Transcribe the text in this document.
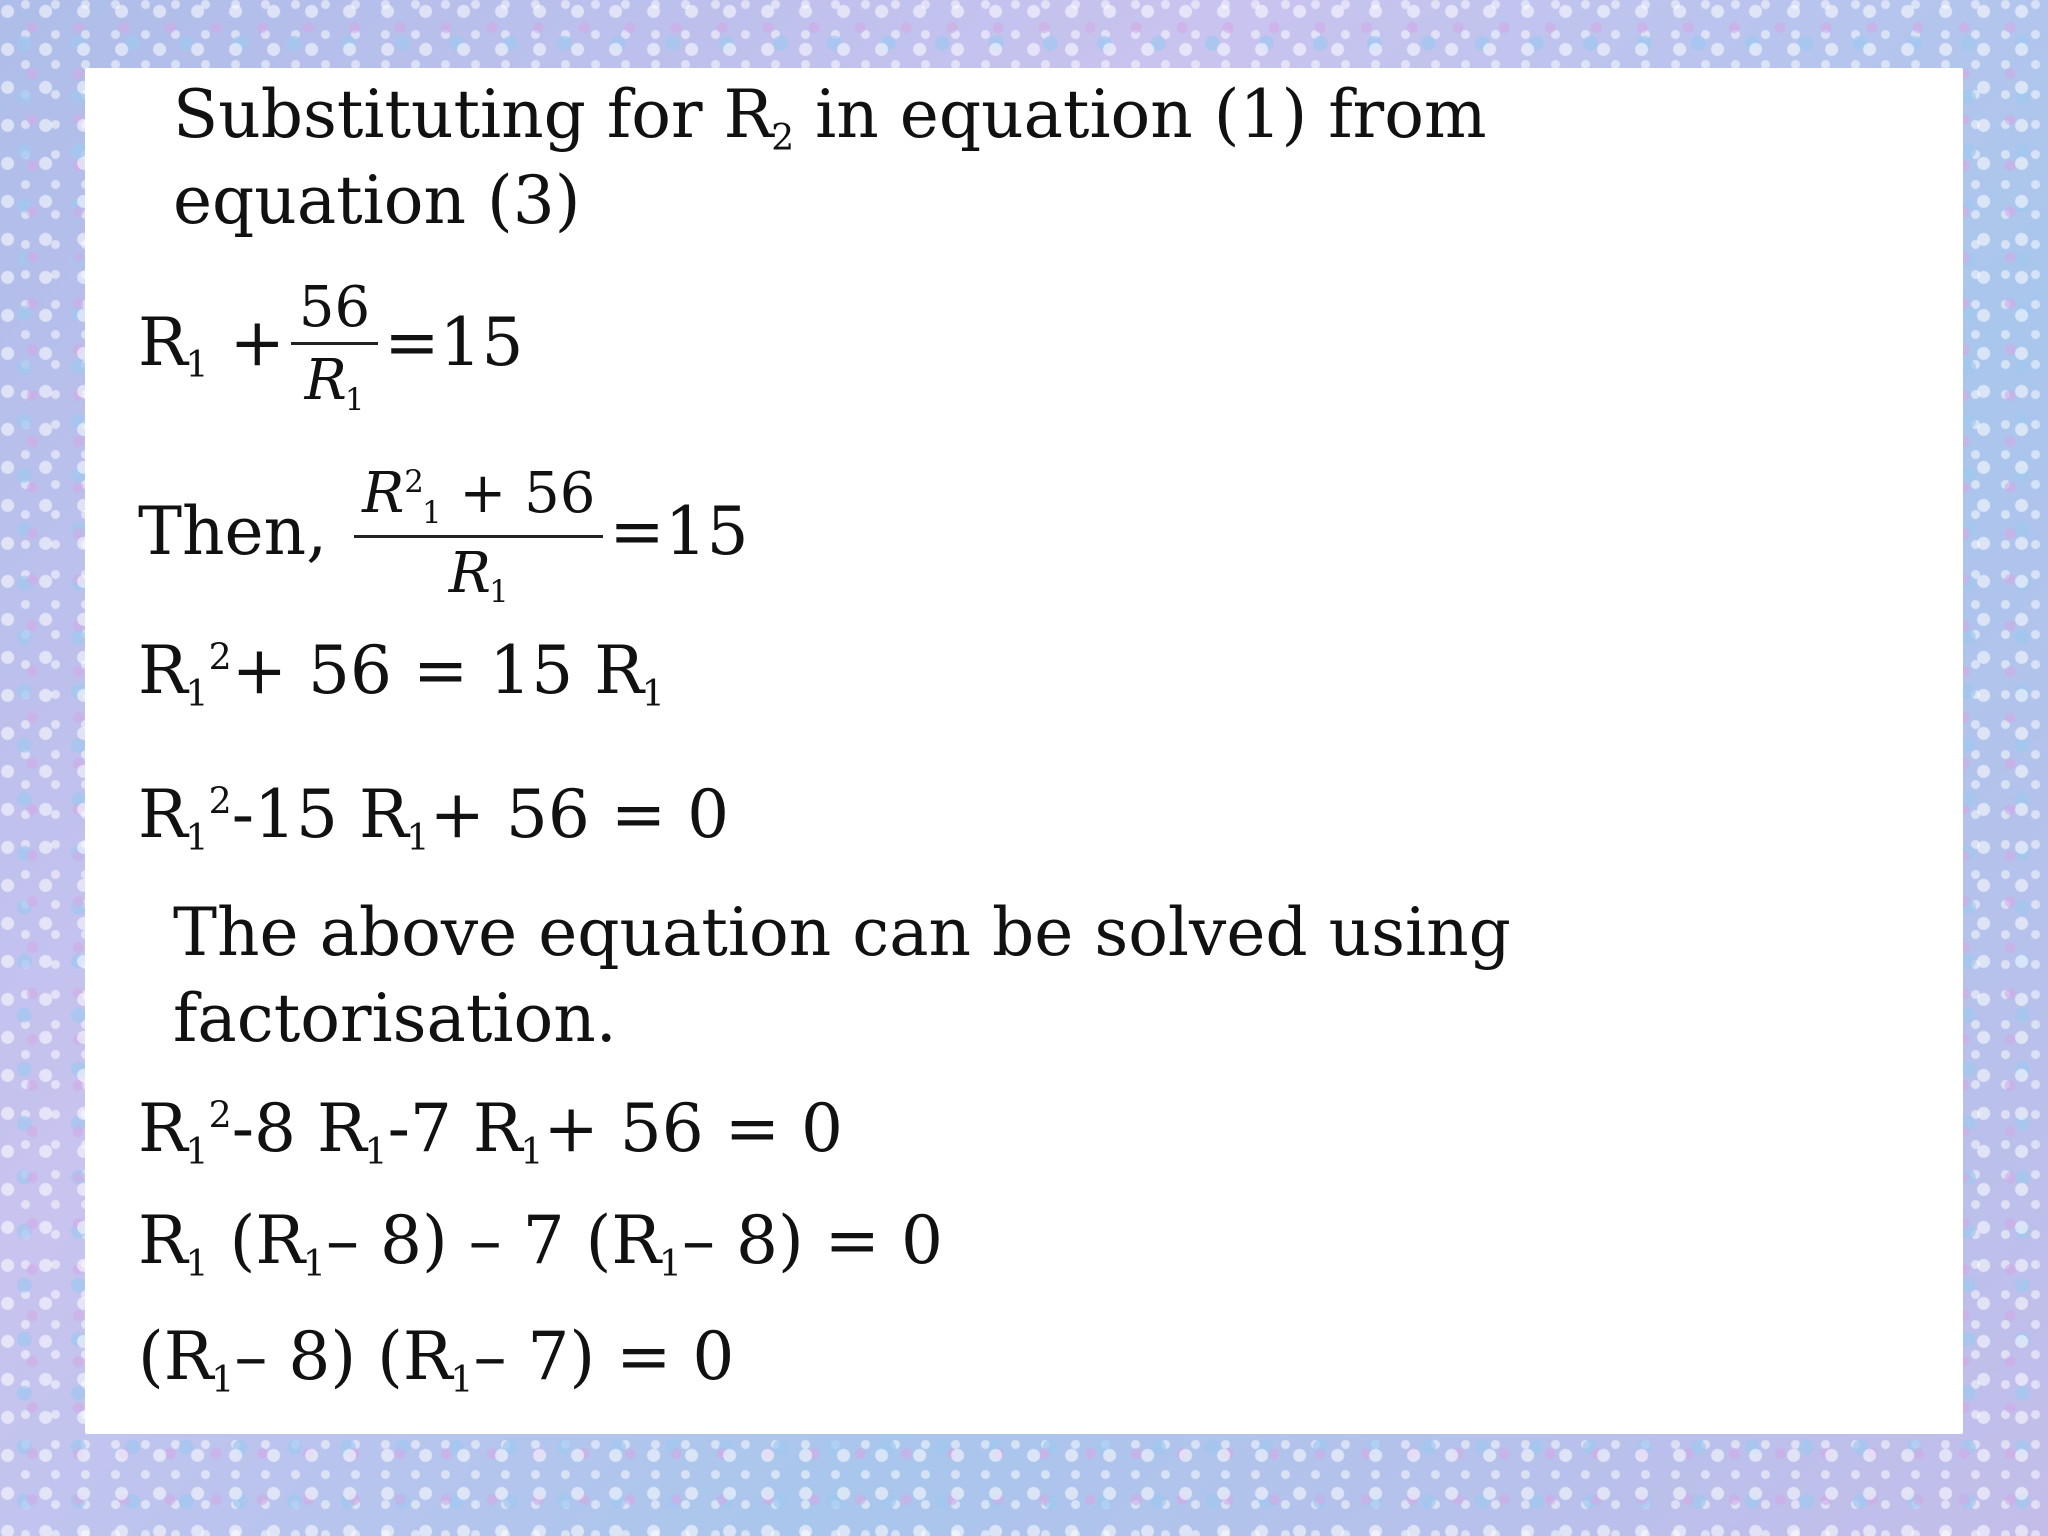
Substituting for $R_2$ in equation (1) from
equation (3)
$R_1 + \frac{56}{R_1} =15$
Then, $\frac{R^2_1 + 56}{R_1} =15$
$R_1^2+ 56 = 15$ $R_1$
$R_1^2-15$ $R_1+ 56 = 0$
The above equation can be solved using
factorisation.
$R_1^2-8$ $R_1-7$ $R_1+ 56 = 0$
$R_1$ ($R_1-$ 8) – 7 ($R_1-$ 8) = 0
($R_1-$ 8) ($R_1-$ 7) = 0
